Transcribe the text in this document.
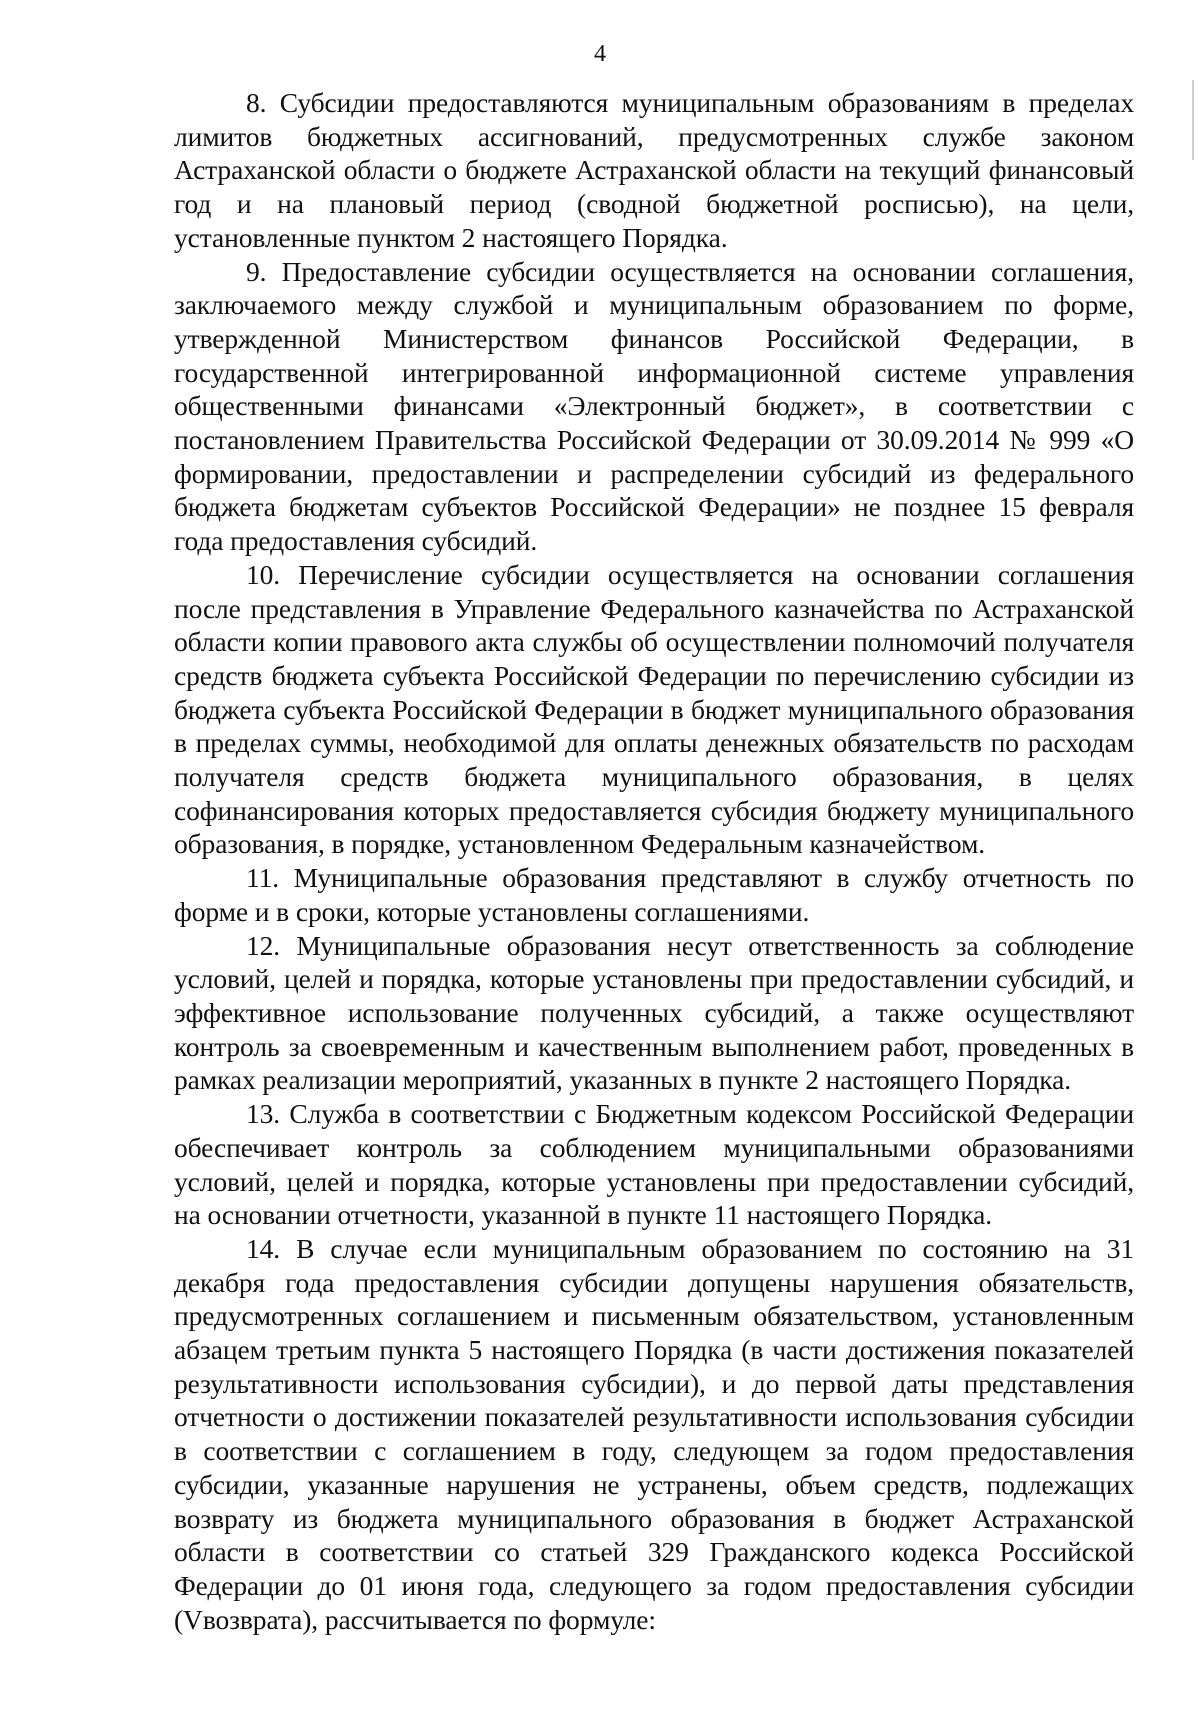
4

8. Субсидии предоставляются муниципальным образованиям в пределах лимитов бюджетных ассигнований, предусмотренных службе законом Астраханской области о бюджете Астраханской области на текущий финансовый год и на плановый период (сводной бюджетной росписью), на цели, установленные пунктом 2 настоящего Порядка.

9. Предоставление субсидии осуществляется на основании соглашения, заключаемого между службой и муниципальным образованием по форме, утвержденной Министерством финансов Российской Федерации, в государственной интегрированной информационной системе управления общественными финансами «Электронный бюджет», в соответствии с постановлением Правительства Российской Федерации от 30.09.2014 № 999 «О формировании, предоставлении и распределении субсидий из федерального бюджета бюджетам субъектов Российской Федерации» не позднее 15 февраля года предоставления субсидий.

10. Перечисление субсидии осуществляется на основании соглашения после представления в Управление Федерального казначейства по Астраханской области копии правового акта службы об осуществлении полномочий получателя средств бюджета субъекта Российской Федерации по перечислению субсидии из бюджета субъекта Российской Федерации в бюджет муниципального образования в пределах суммы, необходимой для оплаты денежных обязательств по расходам получателя средств бюджета муниципального образования, в целях софинансирования которых предоставляется субсидия бюджету муниципального образования, в порядке, установленном Федеральным казначейством.

11. Муниципальные образования представляют в службу отчетность по форме и в сроки, которые установлены соглашениями.

12. Муниципальные образования несут ответственность за соблюдение условий, целей и порядка, которые установлены при предоставлении субсидий, и эффективное использование полученных субсидий, а также осуществляют контроль за своевременным и качественным выполнением работ, проведенных в рамках реализации мероприятий, указанных в пункте 2 настоящего Порядка.

13. Служба в соответствии с Бюджетным кодексом Российской Федерации обеспечивает контроль за соблюдением муниципальными образованиями условий, целей и порядка, которые установлены при предоставлении субсидий, на основании отчетности, указанной в пункте 11 настоящего Порядка.

14. В случае если муниципальным образованием по состоянию на 31 декабря года предоставления субсидии допущены нарушения обязательств, предусмотренных соглашением и письменным обязательством, установленным абзацем третьим пункта 5 настоящего Порядка (в части достижения показателей результативности использования субсидии), и до первой даты представления отчетности о достижении показателей результативности использования субсидии в соответствии с соглашением в году, следующем за годом предоставления субсидии, указанные нарушения не устранены, объем средств, подлежащих возврату из бюджета муниципального образования в бюджет Астраханской области в соответствии со статьей 329 Гражданского кодекса Российской Федерации до 01 июня года, следующего за годом предоставления субсидии (Vвозврата), рассчитывается по формуле:
